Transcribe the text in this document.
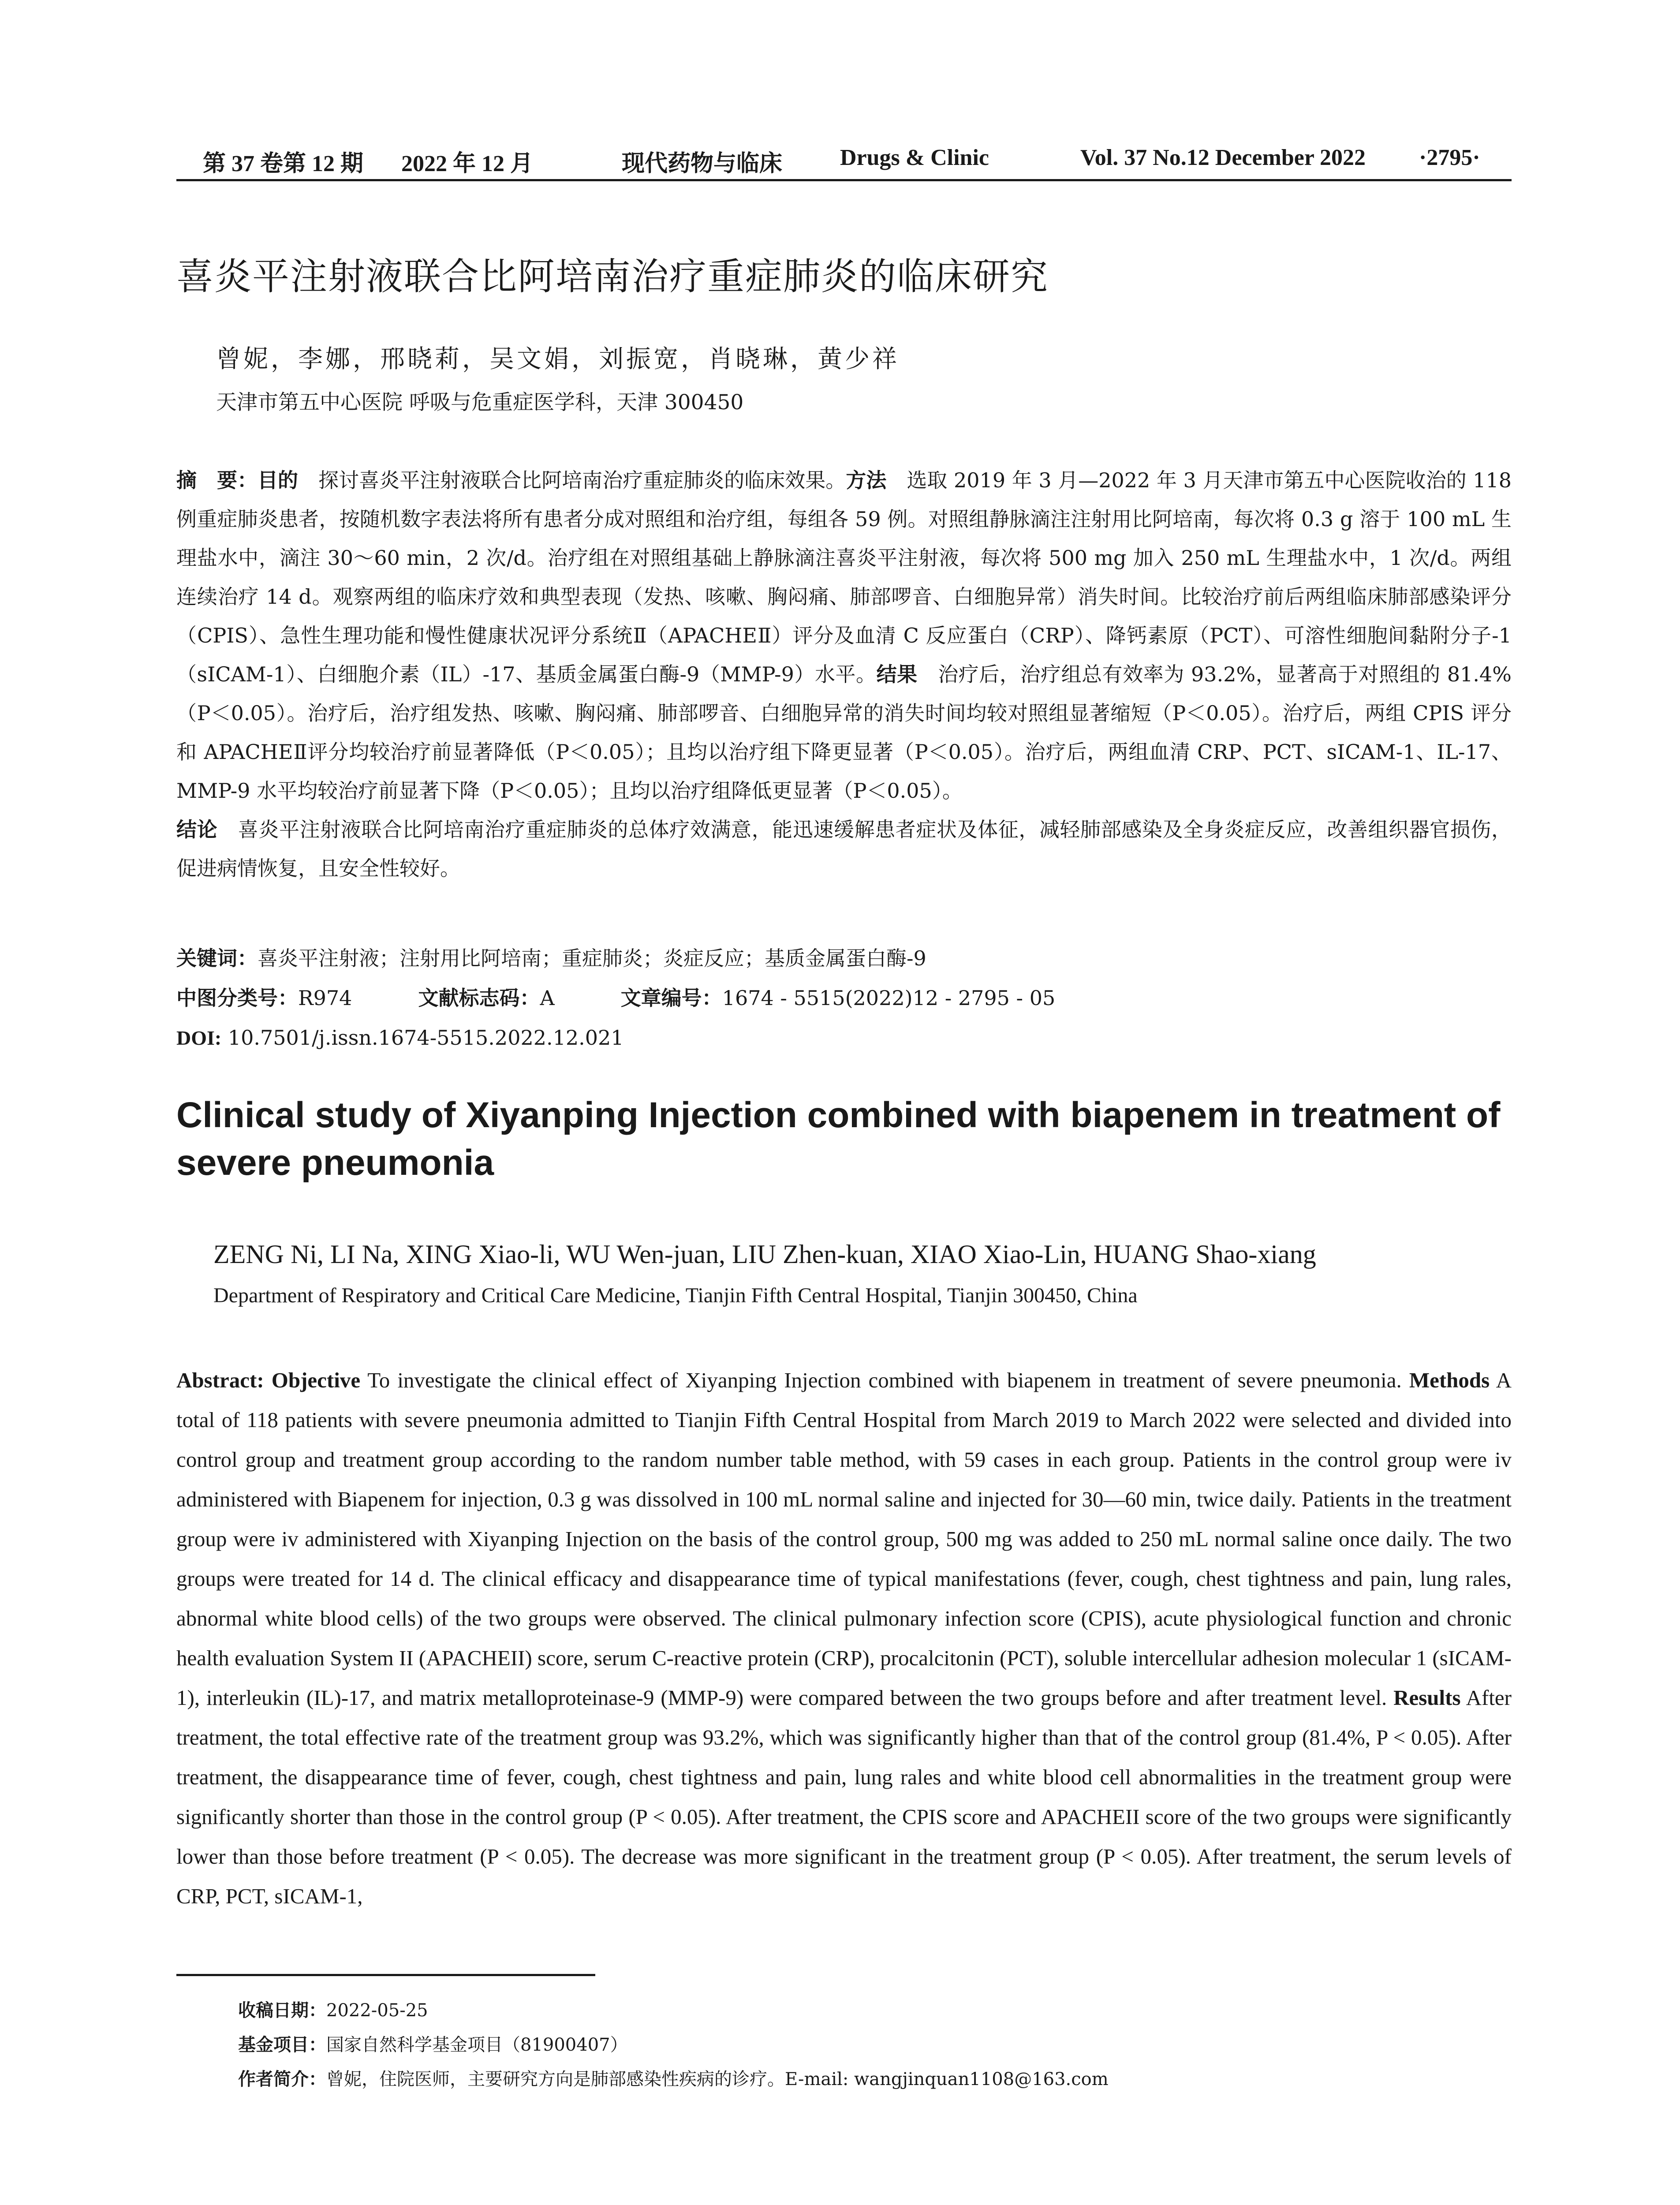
第 37 卷第 12 期 2022 年 12 月	现代药物与临床	Drugs & Clinic	Vol. 37 No.12 December 2022 ·2795·
喜炎平注射液联合比阿培南治疗重症肺炎的临床研究
曾妮，李娜，邢晓莉，吴文娟，刘振宽，肖晓琳，黄少祥
天津市第五中心医院 呼吸与危重症医学科，天津 300450
摘　要：目的　探讨喜炎平注射液联合比阿培南治疗重症肺炎的临床效果。方法　选取 2019 年 3 月—2022 年 3 月天津市第五中心医院收治的 118 例重症肺炎患者，按随机数字表法将所有患者分成对照组和治疗组，每组各 59 例。对照组静脉滴注注射用比阿培南，每次将 0.3 g 溶于 100 mL 生理盐水中，滴注 30～60 min，2 次/d。治疗组在对照组基础上静脉滴注喜炎平注射液，每次将 500 mg 加入 250 mL 生理盐水中，1 次/d。两组连续治疗 14 d。观察两组的临床疗效和典型表现（发热、咳嗽、胸闷痛、肺部啰音、白细胞异常）消失时间。比较治疗前后两组临床肺部感染评分（CPIS）、急性生理功能和慢性健康状况评分系统Ⅱ（APACHEⅡ）评分及血清 C 反应蛋白（CRP）、降钙素原（PCT）、可溶性细胞间黏附分子-1（sICAM-1）、白细胞介素（IL）-17、基质金属蛋白酶-9（MMP-9）水平。结果　治疗后，治疗组总有效率为 93.2%，显著高于对照组的 81.4%（P＜0.05）。治疗后，治疗组发热、咳嗽、胸闷痛、肺部啰音、白细胞异常的消失时间均较对照组显著缩短（P＜0.05）。治疗后，两组 CPIS 评分和 APACHEⅡ评分均较治疗前显著降低（P＜0.05）；且均以治疗组下降更显著（P＜0.05）。治疗后，两组血清 CRP、PCT、sICAM-1、IL-17、MMP-9 水平均较治疗前显著下降（P＜0.05）；且均以治疗组降低更显著（P＜0.05）。
结论　喜炎平注射液联合比阿培南治疗重症肺炎的总体疗效满意，能迅速缓解患者症状及体征，减轻肺部感染及全身炎症反应，改善组织器官损伤，促进病情恢复，且安全性较好。
关键词：喜炎平注射液；注射用比阿培南；重症肺炎；炎症反应；基质金属蛋白酶-9
中图分类号：R974	文献标志码：A	文章编号：1674 - 5515(2022)12 - 2795 - 05
DOI: 10.7501/j.issn.1674-5515.2022.12.021
Clinical study of Xiyanping Injection combined with biapenem in treatment of severe pneumonia
ZENG Ni, LI Na, XING Xiao-li, WU Wen-juan, LIU Zhen-kuan, XIAO Xiao-Lin, HUANG Shao-xiang
Department of Respiratory and Critical Care Medicine, Tianjin Fifth Central Hospital, Tianjin 300450, China
Abstract: Objective To investigate the clinical effect of Xiyanping Injection combined with biapenem in treatment of severe pneumonia. Methods A total of 118 patients with severe pneumonia admitted to Tianjin Fifth Central Hospital from March 2019 to March 2022 were selected and divided into control group and treatment group according to the random number table method, with 59 cases in each group. Patients in the control group were iv administered with Biapenem for injection, 0.3 g was dissolved in 100 mL normal saline and injected for 30—60 min, twice daily. Patients in the treatment group were iv administered with Xiyanping Injection on the basis of the control group, 500 mg was added to 250 mL normal saline once daily. The two groups were treated for 14 d. The clinical efficacy and disappearance time of typical manifestations (fever, cough, chest tightness and pain, lung rales, abnormal white blood cells) of the two groups were observed. The clinical pulmonary infection score (CPIS), acute physiological function and chronic health evaluation System II (APACHEII) score, serum C-reactive protein (CRP), procalcitonin (PCT), soluble intercellular adhesion molecular 1 (sICAM-1), interleukin (IL)-17, and matrix metalloproteinase-9 (MMP-9) were compared between the two groups before and after treatment level. Results After treatment, the total effective rate of the treatment group was 93.2%, which was significantly higher than that of the control group (81.4%, P < 0.05). After treatment, the disappearance time of fever, cough, chest tightness and pain, lung rales and white blood cell abnormalities in the treatment group were significantly shorter than those in the control group (P < 0.05). After treatment, the CPIS score and APACHEII score of the two groups were significantly lower than those before treatment (P < 0.05). The decrease was more significant in the treatment group (P < 0.05). After treatment, the serum levels of CRP, PCT, sICAM-1,
收稿日期：2022-05-25
基金项目：国家自然科学基金项目（81900407）
作者简介：曾妮，住院医师，主要研究方向是肺部感染性疾病的诊疗。E-mail: wangjinquan1108@163.com
